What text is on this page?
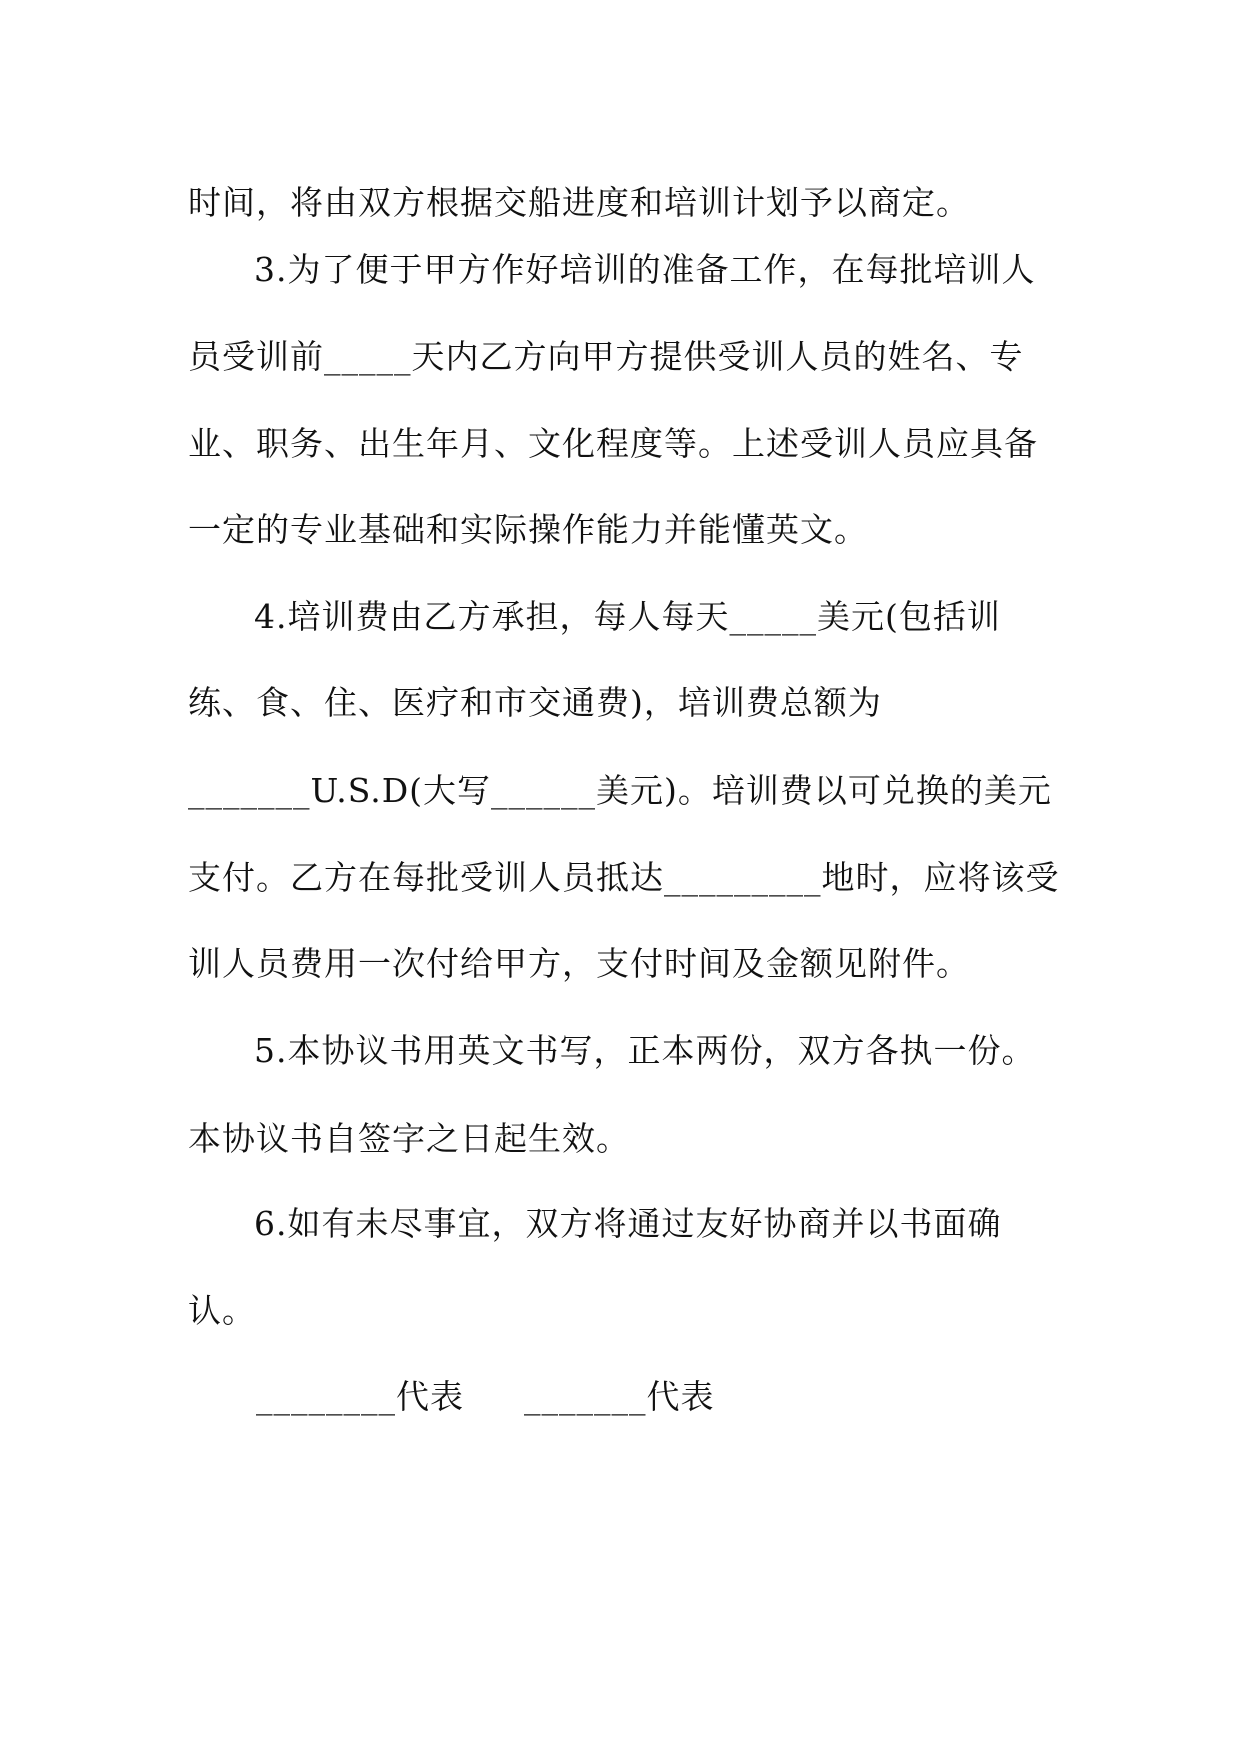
时间，将由双方根据交船进度和培训计划予以商定。
3.为了便于甲方作好培训的准备工作，在每批培训人
员受训前_____天内乙方向甲方提供受训人员的姓名、专
业、职务、出生年月、文化程度等。上述受训人员应具备
一定的专业基础和实际操作能力并能懂英文。
4.培训费由乙方承担，每人每天_____美元(包括训
练、食、住、医疗和市交通费)，培训费总额为
_______U.S.D(大写______美元)。培训费以可兑换的美元
支付。乙方在每批受训人员抵达_________地时，应将该受
训人员费用一次付给甲方，支付时间及金额见附件。
5.本协议书用英文书写，正本两份，双方各执一份。
本协议书自签字之日起生效。
6.如有未尽事宜，双方将通过友好协商并以书面确
认。
________代表 _______代表
